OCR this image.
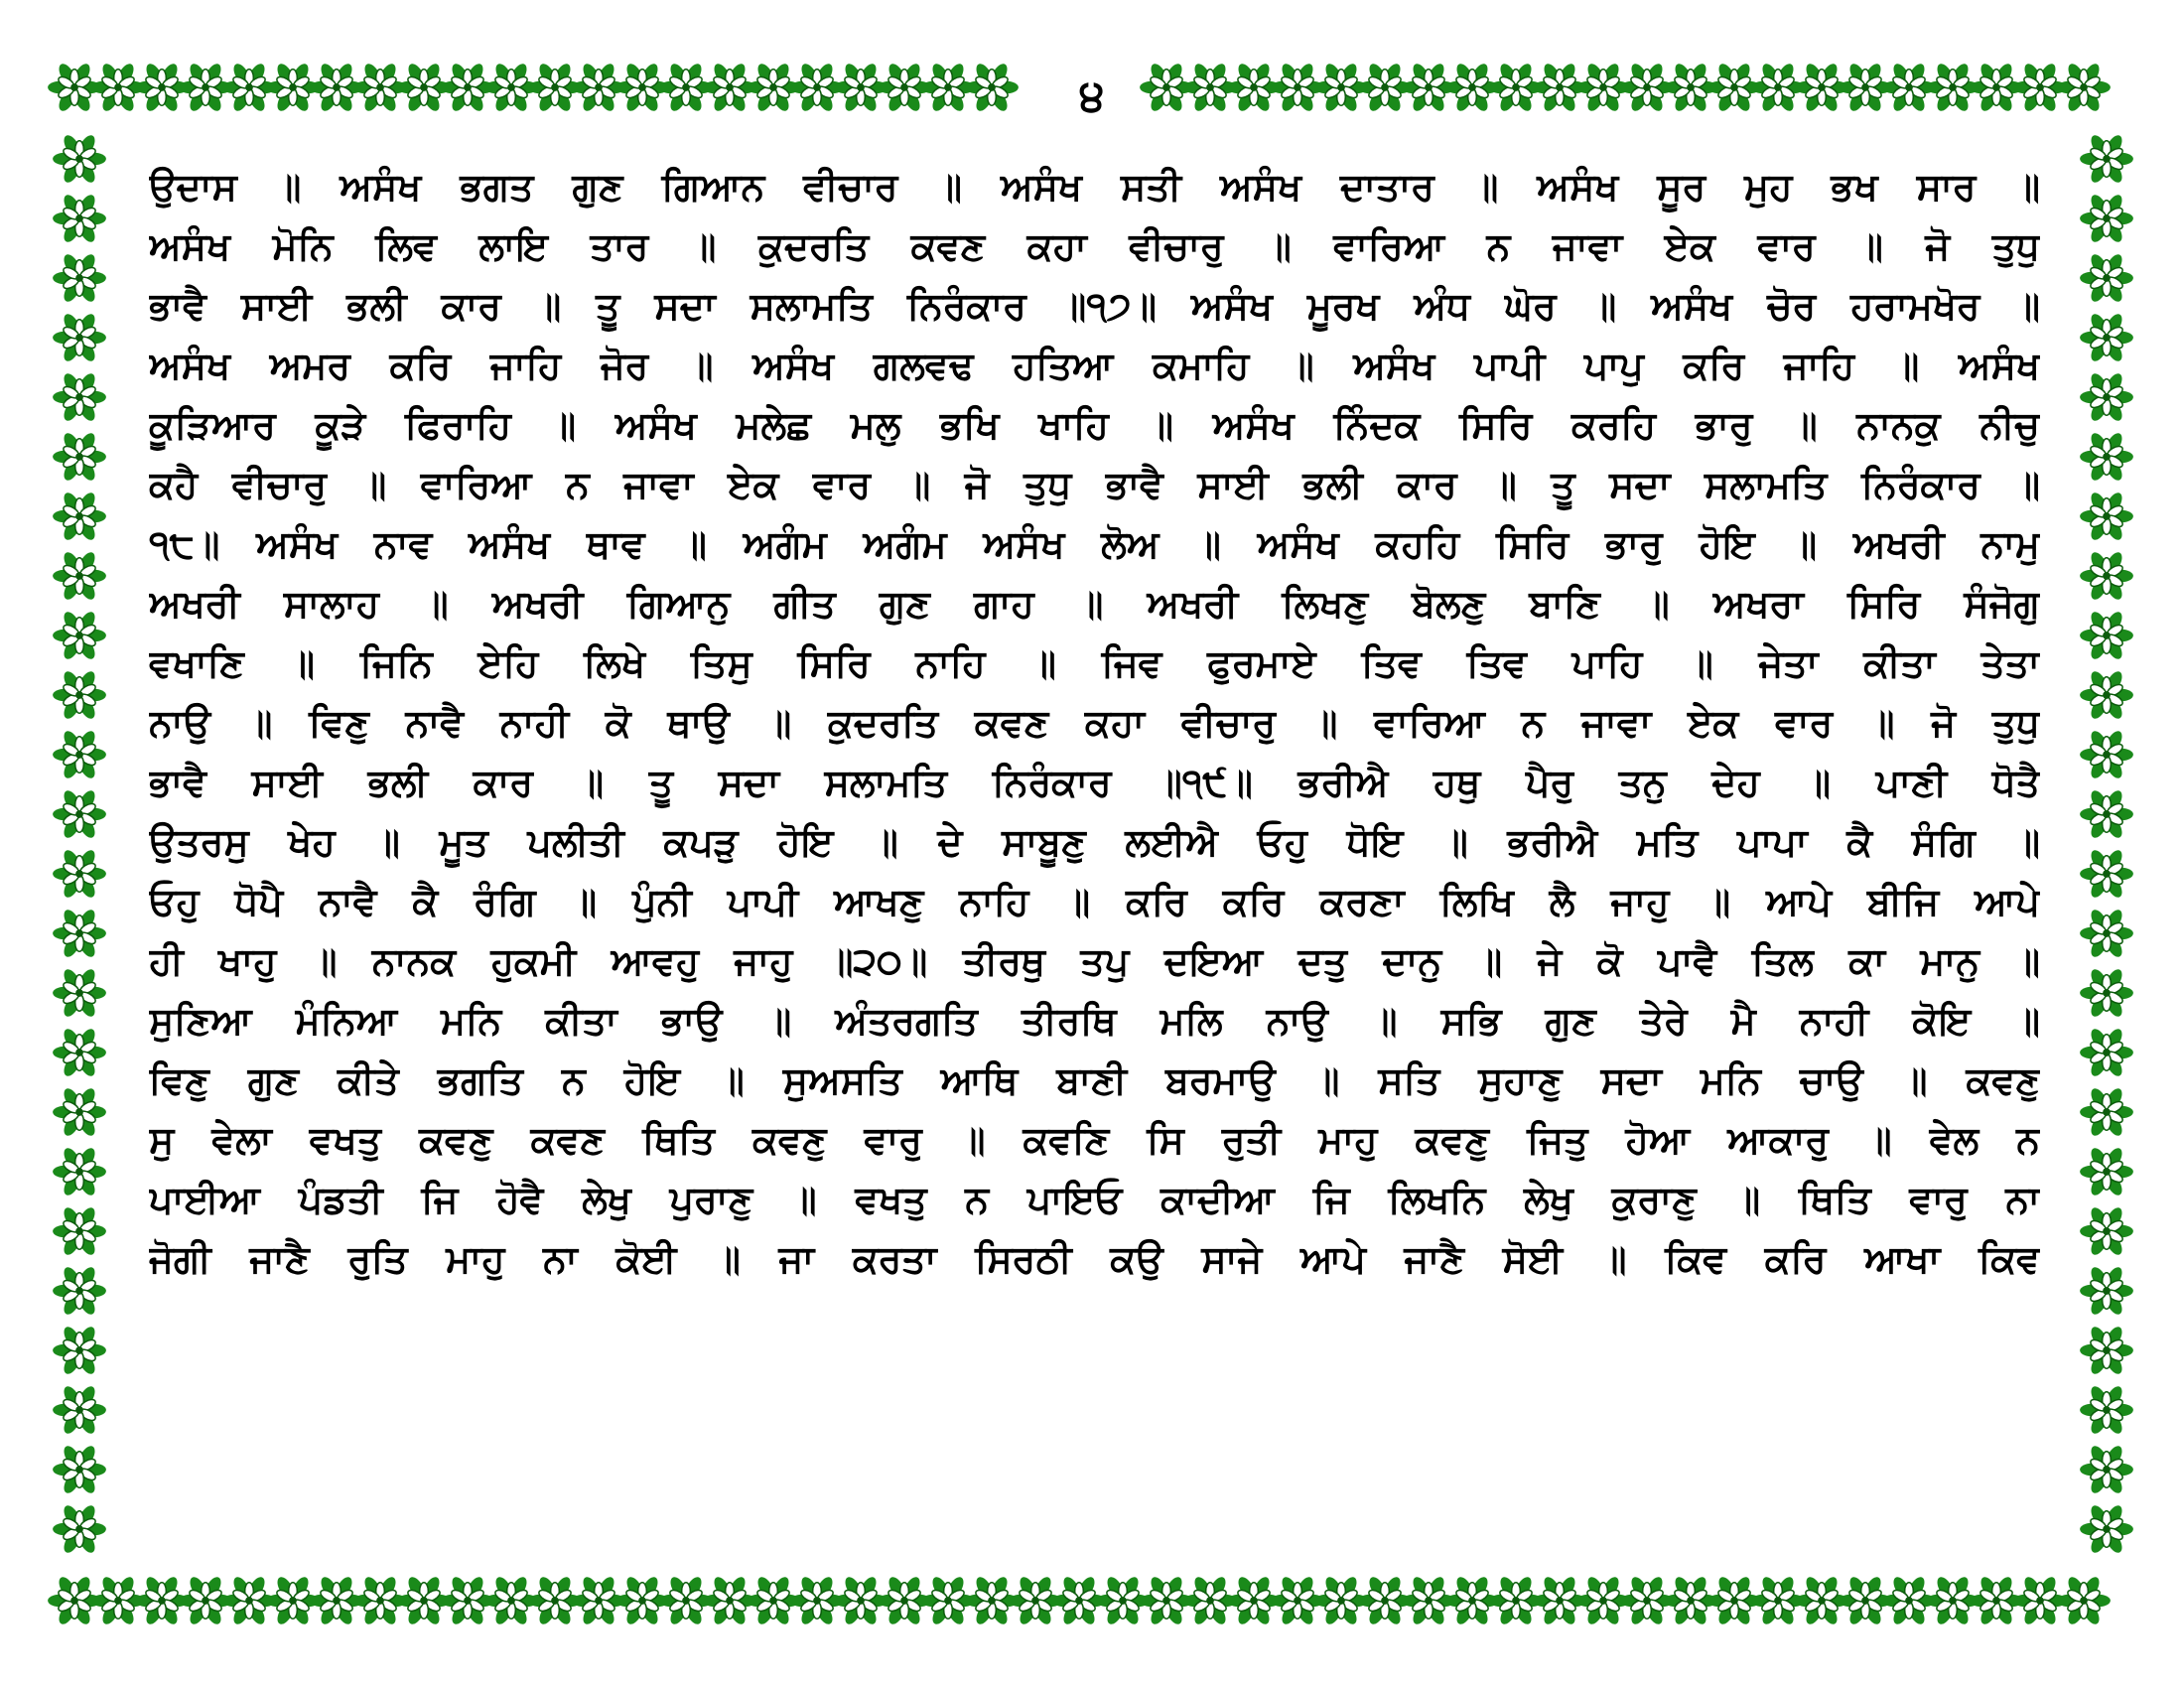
੪
ਉਦਾਸ ॥ ਅਸੰਖ ਭਗਤ ਗੁਣ ਗਿਆਨ ਵੀਚਾਰ ॥ ਅਸੰਖ ਸਤੀ ਅਸੰਖ ਦਾਤਾਰ ॥ ਅਸੰਖ ਸੂਰ ਮੁਹ ਭਖ ਸਾਰ ॥
ਅਸੰਖ ਮੋਨਿ ਲਿਵ ਲਾਇ ਤਾਰ ॥ ਕੁਦਰਤਿ ਕਵਣ ਕਹਾ ਵੀਚਾਰੁ ॥ ਵਾਰਿਆ ਨ ਜਾਵਾ ਏਕ ਵਾਰ ॥ ਜੋ ਤੁਧੁ
ਭਾਵੈ ਸਾਈ ਭਲੀ ਕਾਰ ॥ ਤੂ ਸਦਾ ਸਲਾਮਤਿ ਨਿਰੰਕਾਰ ॥੧੭॥ ਅਸੰਖ ਮੂਰਖ ਅੰਧ ਘੋਰ ॥ ਅਸੰਖ ਚੋਰ ਹਰਾਮਖੋਰ ॥
ਅਸੰਖ ਅਮਰ ਕਰਿ ਜਾਹਿ ਜੋਰ ॥ ਅਸੰਖ ਗਲਵਢ ਹਤਿਆ ਕਮਾਹਿ ॥ ਅਸੰਖ ਪਾਪੀ ਪਾਪੁ ਕਰਿ ਜਾਹਿ ॥ ਅਸੰਖ
ਕੂੜਿਆਰ ਕੂੜੇ ਫਿਰਾਹਿ ॥ ਅਸੰਖ ਮਲੇਛ ਮਲੁ ਭਖਿ ਖਾਹਿ ॥ ਅਸੰਖ ਨਿੰਦਕ ਸਿਰਿ ਕਰਹਿ ਭਾਰੁ ॥ ਨਾਨਕੁ ਨੀਚੁ
ਕਹੈ ਵੀਚਾਰੁ ॥ ਵਾਰਿਆ ਨ ਜਾਵਾ ਏਕ ਵਾਰ ॥ ਜੋ ਤੁਧੁ ਭਾਵੈ ਸਾਈ ਭਲੀ ਕਾਰ ॥ ਤੂ ਸਦਾ ਸਲਾਮਤਿ ਨਿਰੰਕਾਰ ॥
੧੮॥ ਅਸੰਖ ਨਾਵ ਅਸੰਖ ਥਾਵ ॥ ਅਗੰਮ ਅਗੰਮ ਅਸੰਖ ਲੋਅ ॥ ਅਸੰਖ ਕਹਹਿ ਸਿਰਿ ਭਾਰੁ ਹੋਇ ॥ ਅਖਰੀ ਨਾਮੁ
ਅਖਰੀ ਸਾਲਾਹ ॥ ਅਖਰੀ ਗਿਆਨੁ ਗੀਤ ਗੁਣ ਗਾਹ ॥ ਅਖਰੀ ਲਿਖਣੁ ਬੋਲਣੁ ਬਾਣਿ ॥ ਅਖਰਾ ਸਿਰਿ ਸੰਜੋਗੁ
ਵਖਾਣਿ ॥ ਜਿਨਿ ਏਹਿ ਲਿਖੇ ਤਿਸੁ ਸਿਰਿ ਨਾਹਿ ॥ ਜਿਵ ਫੁਰਮਾਏ ਤਿਵ ਤਿਵ ਪਾਹਿ ॥ ਜੇਤਾ ਕੀਤਾ ਤੇਤਾ
ਨਾਉ ॥ ਵਿਣੁ ਨਾਵੈ ਨਾਹੀ ਕੋ ਥਾਉ ॥ ਕੁਦਰਤਿ ਕਵਣ ਕਹਾ ਵੀਚਾਰੁ ॥ ਵਾਰਿਆ ਨ ਜਾਵਾ ਏਕ ਵਾਰ ॥ ਜੋ ਤੁਧੁ
ਭਾਵੈ ਸਾਈ ਭਲੀ ਕਾਰ ॥ ਤੂ ਸਦਾ ਸਲਾਮਤਿ ਨਿਰੰਕਾਰ ॥੧੯॥ ਭਰੀਐ ਹਥੁ ਪੈਰੁ ਤਨੁ ਦੇਹ ॥ ਪਾਣੀ ਧੋਤੈ
ਉਤਰਸੁ ਖੇਹ ॥ ਮੂਤ ਪਲੀਤੀ ਕਪੜੁ ਹੋਇ ॥ ਦੇ ਸਾਬੂਣੁ ਲਈਐ ਓਹੁ ਧੋਇ ॥ ਭਰੀਐ ਮਤਿ ਪਾਪਾ ਕੈ ਸੰਗਿ ॥
ਓਹੁ ਧੋਪੈ ਨਾਵੈ ਕੈ ਰੰਗਿ ॥ ਪੁੰਨੀ ਪਾਪੀ ਆਖਣੁ ਨਾਹਿ ॥ ਕਰਿ ਕਰਿ ਕਰਣਾ ਲਿਖਿ ਲੈ ਜਾਹੁ ॥ ਆਪੇ ਬੀਜਿ ਆਪੇ
ਹੀ ਖਾਹੁ ॥ ਨਾਨਕ ਹੁਕਮੀ ਆਵਹੁ ਜਾਹੁ ॥੨੦॥ ਤੀਰਥੁ ਤਪੁ ਦਇਆ ਦਤੁ ਦਾਨੁ ॥ ਜੇ ਕੋ ਪਾਵੈ ਤਿਲ ਕਾ ਮਾਨੁ ॥
ਸੁਣਿਆ ਮੰਨਿਆ ਮਨਿ ਕੀਤਾ ਭਾਉ ॥ ਅੰਤਰਗਤਿ ਤੀਰਥਿ ਮਲਿ ਨਾਉ ॥ ਸਭਿ ਗੁਣ ਤੇਰੇ ਮੈ ਨਾਹੀ ਕੋਇ ॥
ਵਿਣੁ ਗੁਣ ਕੀਤੇ ਭਗਤਿ ਨ ਹੋਇ ॥ ਸੁਅਸਤਿ ਆਥਿ ਬਾਣੀ ਬਰਮਾਉ ॥ ਸਤਿ ਸੁਹਾਣੁ ਸਦਾ ਮਨਿ ਚਾਉ ॥ ਕਵਣੁ
ਸੁ ਵੇਲਾ ਵਖਤੁ ਕਵਣੁ ਕਵਣ ਥਿਤਿ ਕਵਣੁ ਵਾਰੁ ॥ ਕਵਣਿ ਸਿ ਰੁਤੀ ਮਾਹੁ ਕਵਣੁ ਜਿਤੁ ਹੋਆ ਆਕਾਰੁ ॥ ਵੇਲ ਨ
ਪਾਈਆ ਪੰਡਤੀ ਜਿ ਹੋਵੈ ਲੇਖੁ ਪੁਰਾਣੁ ॥ ਵਖਤੁ ਨ ਪਾਇਓ ਕਾਦੀਆ ਜਿ ਲਿਖਨਿ ਲੇਖੁ ਕੁਰਾਣੁ ॥ ਥਿਤਿ ਵਾਰੁ ਨਾ
ਜੋਗੀ ਜਾਣੈ ਰੁਤਿ ਮਾਹੁ ਨਾ ਕੋਈ ॥ ਜਾ ਕਰਤਾ ਸਿਰਠੀ ਕਉ ਸਾਜੇ ਆਪੇ ਜਾਣੈ ਸੋਈ ॥ ਕਿਵ ਕਰਿ ਆਖਾ ਕਿਵ
